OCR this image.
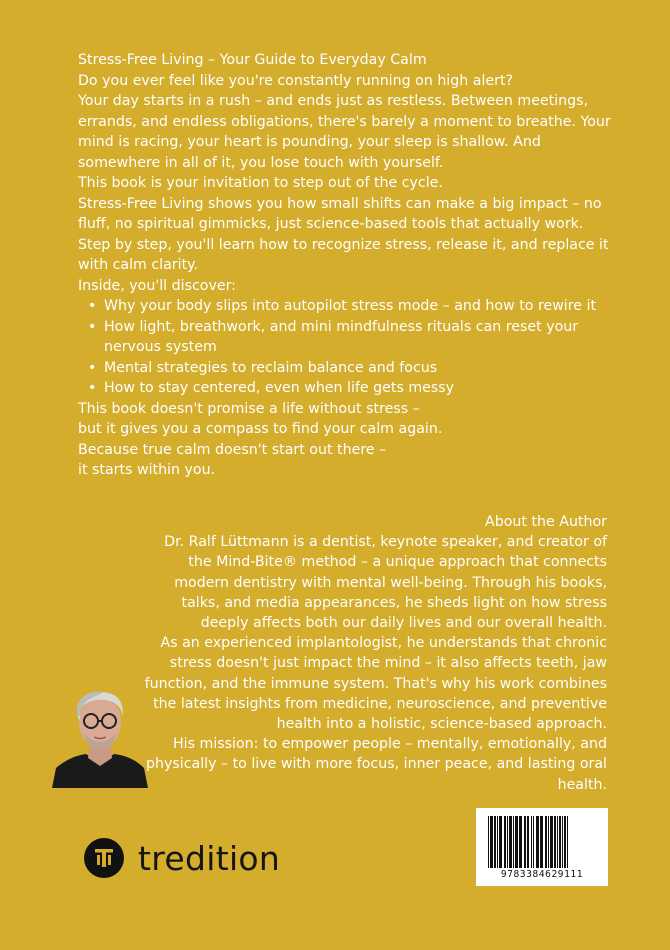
Stress-Free Living – Your Guide to Everyday Calm

Do you ever feel like you're constantly running on high alert?

Your day starts in a rush – and ends just as restless. Between meetings, errands, and endless obligations, there's barely a moment to breathe. Your mind is racing, your heart is pounding, your sleep is shallow. And somewhere in all of it, you lose touch with yourself.

This book is your invitation to step out of the cycle.

Stress-Free Living shows you how small shifts can make a big impact – no fluff, no spiritual gimmicks, just science-based tools that actually work. Step by step, you'll learn how to recognize stress, release it, and replace it with calm clarity.

Inside, you'll discover:

• Why your body slips into autopilot stress mode – and how to rewire it
• How light, breathwork, and mini mindfulness rituals can reset your nervous system
• Mental strategies to reclaim balance and focus
• How to stay centered, even when life gets messy

This book doesn't promise a life without stress –

but it gives you a compass to find your calm again.

Because true calm doesn't start out there –

it starts within you.

About the Author

Dr. Ralf Lüttmann is a dentist, keynote speaker, and creator of the Mind-Bite® method – a unique approach that connects modern dentistry with mental well-being. Through his books, talks, and media appearances, he sheds light on how stress deeply affects both our daily lives and our overall health.

As an experienced implantologist, he understands that chronic stress doesn't just impact the mind – it also affects teeth, jaw function, and the immune system. That's why his work combines the latest insights from medicine, neuroscience, and preventive health into a holistic, science-based approach.

His mission: to empower people – mentally, emotionally, and physically – to live with more focus, inner peace, and lasting oral health.

tredition	9783384629111
